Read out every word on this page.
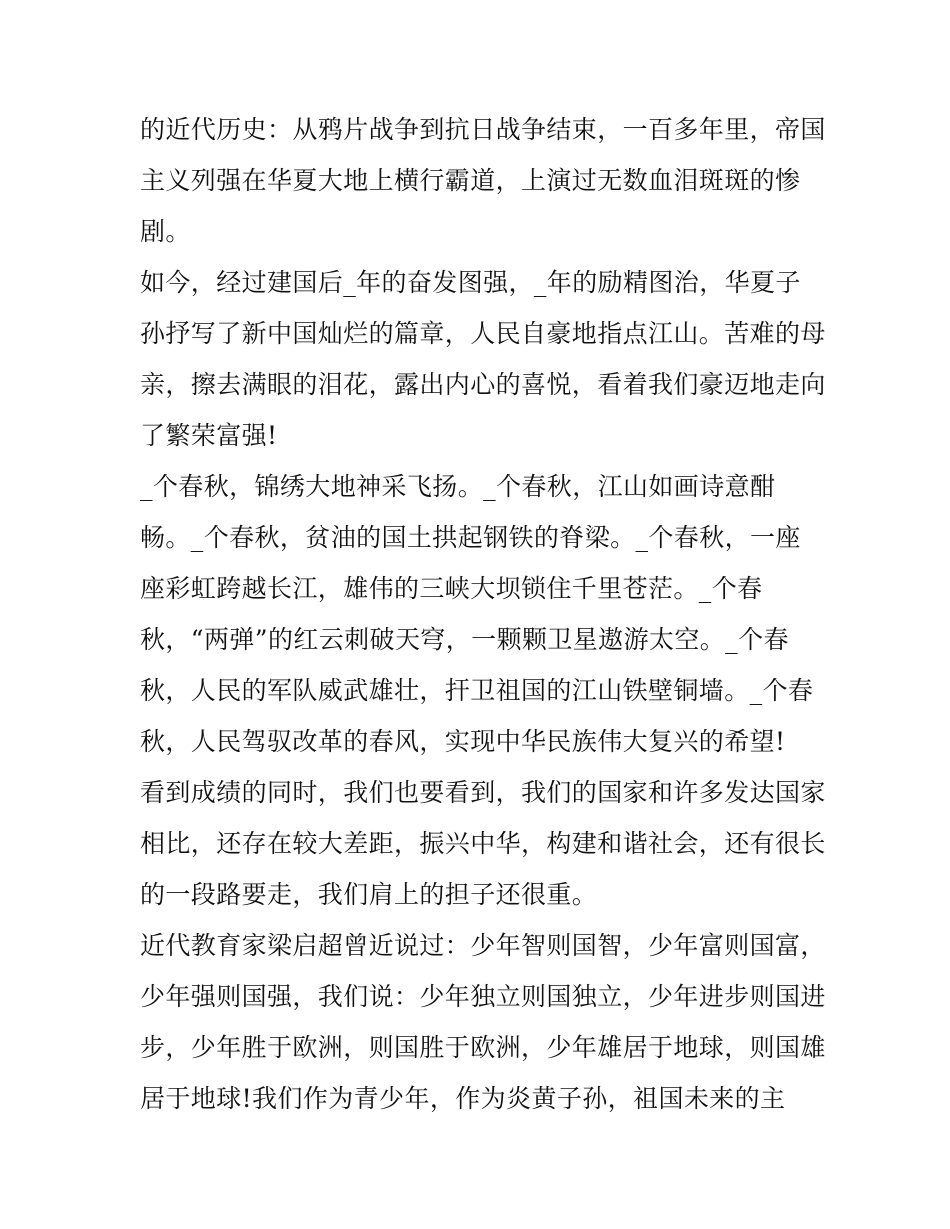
的近代历史：从鸦片战争到抗日战争结束，一百多年里，帝国
主义列强在华夏大地上横行霸道，上演过无数血泪斑斑的惨
剧。
如今，经过建国后_年的奋发图强，_年的励精图治，华夏子
孙抒写了新中国灿烂的篇章，人民自豪地指点江山。苦难的母
亲，擦去满眼的泪花，露出内心的喜悦，看着我们豪迈地走向
了繁荣富强!
_个春秋，锦绣大地神采飞扬。_个春秋，江山如画诗意酣
畅。_个春秋，贫油的国土拱起钢铁的脊梁。_个春秋，一座
座彩虹跨越长江，雄伟的三峡大坝锁住千里苍茫。_个春
秋，“两弹”的红云刺破天穹，一颗颗卫星遨游太空。_个春
秋，人民的军队威武雄壮，扞卫祖国的江山铁壁铜墙。_个春
秋，人民驾驭改革的春风，实现中华民族伟大复兴的希望!
看到成绩的同时，我们也要看到，我们的国家和许多发达国家
相比，还存在较大差距，振兴中华，构建和谐社会，还有很长
的一段路要走，我们肩上的担子还很重。
近代教育家梁启超曾近说过：少年智则国智，少年富则国富，
少年强则国强，我们说：少年独立则国独立，少年进步则国进
步，少年胜于欧洲，则国胜于欧洲，少年雄居于地球，则国雄
居于地球!我们作为青少年，作为炎黄子孙，祖国未来的主
